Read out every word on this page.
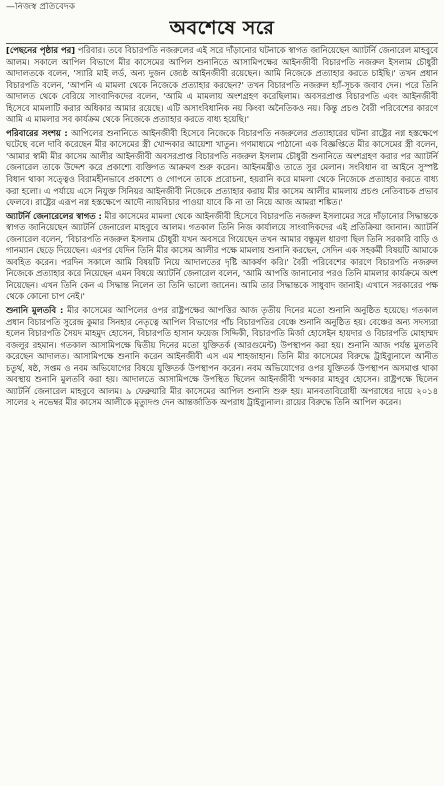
—নিজস্ব প্রতিবেদক
অবশেষে সরে

[পেছনের পৃষ্ঠার পর] পরিবার। তবে বিচারপতি নজরুলের এই সরে দাঁড়ানোর ঘটনাকে স্বাগত জানিয়েছেন অ্যাটর্নি জেনারেল মাহবুবে আলম। সকালে আপিল বিভাগে মীর কাসেমের আপিল শুনানিতে আসামিপক্ষের আইনজীবী বিচারপতি নজরুল ইসলাম চৌধুরী আদালতকে বলেন, 'স্যারি মাই লর্ড, অন্য দুজন জ্যেষ্ঠ আইনজীবী রয়েছেন। আমি নিজেকে প্রত্যাহার করতে চাইছি।' তখন প্রধান বিচারপতি বলেন, 'আপনি এ মামলা থেকে নিজেকে প্রত্যাহার করছেন?' তখন বিচারপতি নজরুল হ্যাঁ-সূচক জবাব দেন। পরে তিনি আদালত থেকে বেরিয়ে সাংবাদিকদের বলেন, 'আমি এ মামলায় অংশগ্রহণ করেছিলাম। অবসরপ্রাপ্ত বিচারপতি এবং আইনজীবী হিসেবে মামলাটি করার অধিকার আমার রয়েছে। এটি অসাংবিধানিক নয় কিংবা অনৈতিকও নয়। কিন্তু প্রচণ্ড বৈরী পরিবেশের কারণে আমি এ মামলার সব কার্যক্রম থেকে নিজেকে প্রত্যাহার করতে বাধ্য হয়েছি।'

পরিবারের সংশয় : আপিলের শুনানিতে আইনজীবী হিসেবে নিজেকে বিচারপতি নজরুলের প্রত্যাহারের ঘটনা রাষ্ট্রের নগ্ন হস্তক্ষেপে ঘটেছে বলে দাবি করেছেন মীর কাসেমের স্ত্রী খোন্দকার আয়েশা খাতুন। গণমাধ্যমে পাঠানো এক বিজ্ঞপ্তিতে মীর কাসেমের স্ত্রী বলেন, 'আমার স্বামী মীর কাসেম আলীর আইনজীবী অবসরপ্রাপ্ত বিচারপতি নজরুল ইসলাম চৌধুরী শুনানিতে অংশগ্রহণ করার পর অ্যাটর্নি জেনারেল তাকে উদ্দেশ করে প্রকাশ্যে ব্যক্তিগত আক্রমণ শুরু করেন। আইনমন্ত্রীও তাতে সুর মেলান। সংবিধান বা আইনে সুস্পষ্ট বিধান থাকা সত্ত্বেও বিরামহীনভাবে প্রকাশ্যে ও গোপনে তাকে প্ররোচনা, হয়রানি করে মামলা থেকে নিজেকে প্রত্যাহার করতে বাধ্য করা হলো। এ পর্যায়ে এসে নিযুক্ত সিনিয়র আইনজীবী নিজেকে প্রত্যাহার করায় মীর কাসেম আলীর মামলায় প্রচণ্ড নেতিবাচক প্রভাব ফেলবে। রাষ্ট্রের এরূপ নগ্ন হস্তক্ষেপে আদৌ ন্যায়বিচার পাওয়া যাবে কি না তা নিয়ে আজ আমরা শঙ্কিত।'

অ্যাটর্নি জেনারেলের স্বাগত : মীর কাসেমের মামলা থেকে আইনজীবী হিসেবে বিচারপতি নজরুল ইসলামের সরে দাঁড়ানোর সিদ্ধান্তকে স্বাগত জানিয়েছেন অ্যাটর্নি জেনারেল মাহবুবে আলম। গতকাল তিনি নিজ কার্যালয়ে সাংবাদিকদের এই প্রতিক্রিয়া জানান। অ্যাটর্নি জেনারেল বলেন, 'বিচারপতি নজরুল ইসলাম চৌধুরী যখন অবসরে গিয়েছেন তখন আমার বন্ধুমূল ধারণা ছিল তিনি সরকারি বাড়ি ও গানম্যান ছেড়ে দিয়েছেন। এরপর যেদিন তিনি মীর কাসেম আলীর পক্ষে মামলায় শুনানি করছেন, সেদিন এক সহকর্মী বিষয়টি আমাকে অবহিত করেন। পরদিন সকালে আমি বিষয়টি নিয়ে আদালতের দৃষ্টি আকর্ষণ করি।' বৈরী পরিবেশের কারণে বিচারপতি নজরুল নিজেকে প্রত্যাহার করে নিয়েছেন এমন বিষয়ে অ্যাটর্নি জেনারেল বলেন, 'আমি আপত্তি জানানোর পরও তিনি মামলার কার্যক্রমে অংশ নিয়েছেন। এখন তিনি কেন এ সিদ্ধান্ত নিলেন তা তিনি ভালো জানেন। আমি তার সিদ্ধান্তকে সাধুবাদ জানাই। এখানে সরকারের পক্ষ থেকে কোনো চাপ নেই।'

শুনানি মুলতবি : মীর কাসেমের আপিলের ওপর রাষ্ট্রপক্ষের আপত্তির আজ তৃতীয় দিনের মতো শুনানি অনুষ্ঠিত হয়েছে। গতকাল প্রধান বিচারপতি সুরেন্দ্র কুমার সিনহার নেতৃত্বে আপিল বিভাগের পাঁচ বিচারপতির বেঞ্চে শুনানি অনুষ্ঠিত হয়। বেঞ্চের অন্য সদস্যরা হলেন বিচারপতি সৈয়দ মাহমুদ হোসেন, বিচারপতি হাসান ফয়েজ সিদ্দিকী, বিচারপতি মির্জা হোসেইন হায়দার ও বিচারপতি মোহাম্মদ বজলুর রহমান। গতকাল আসামিপক্ষে দ্বিতীয় দিনের মতো যুক্তিতর্ক (আরগুমেন্ট) উপস্থাপন করা হয়। শুনানি আজ পর্যন্ত মুলতবি করেছেন আদালত। আসামিপক্ষে শুনানি করেন আইনজীবী এস এম শাহজাহান। তিনি মীর কাসেমের বিরুদ্ধে ট্রাইব্যুনালে আনীত চতুর্থ, ষষ্ঠ, সপ্তম ও নবম অভিযোগের বিষয়ে যুক্তিতর্ক উপস্থাপন করেন। নবম অভিযোগের ওপর যুক্তিতর্ক উপস্থাপন অসমাপ্ত থাকা অবস্থায় শুনানি মুলতবি করা হয়। আদালতে আসামিপক্ষে উপস্থিত ছিলেন আইনজীবী খন্দকার মাহবুব হোসেন। রাষ্ট্রপক্ষে ছিলেন অ্যাটর্নি জেনারেল মাহবুবে আলম। ৯ ফেব্রুয়ারি মীর কাসেমের আপিল শুনানি শুরু হয়। মানবতাবিরোধী অপরাধের দায়ে ২০১৪ সালের ২ নভেম্বর মীর কাসেম আলীকে মৃত্যুদণ্ড দেন আন্তর্জাতিক অপরাধ ট্রাইব্যুনাল। রায়ের বিরুদ্ধে তিনি আপিল করেন।
